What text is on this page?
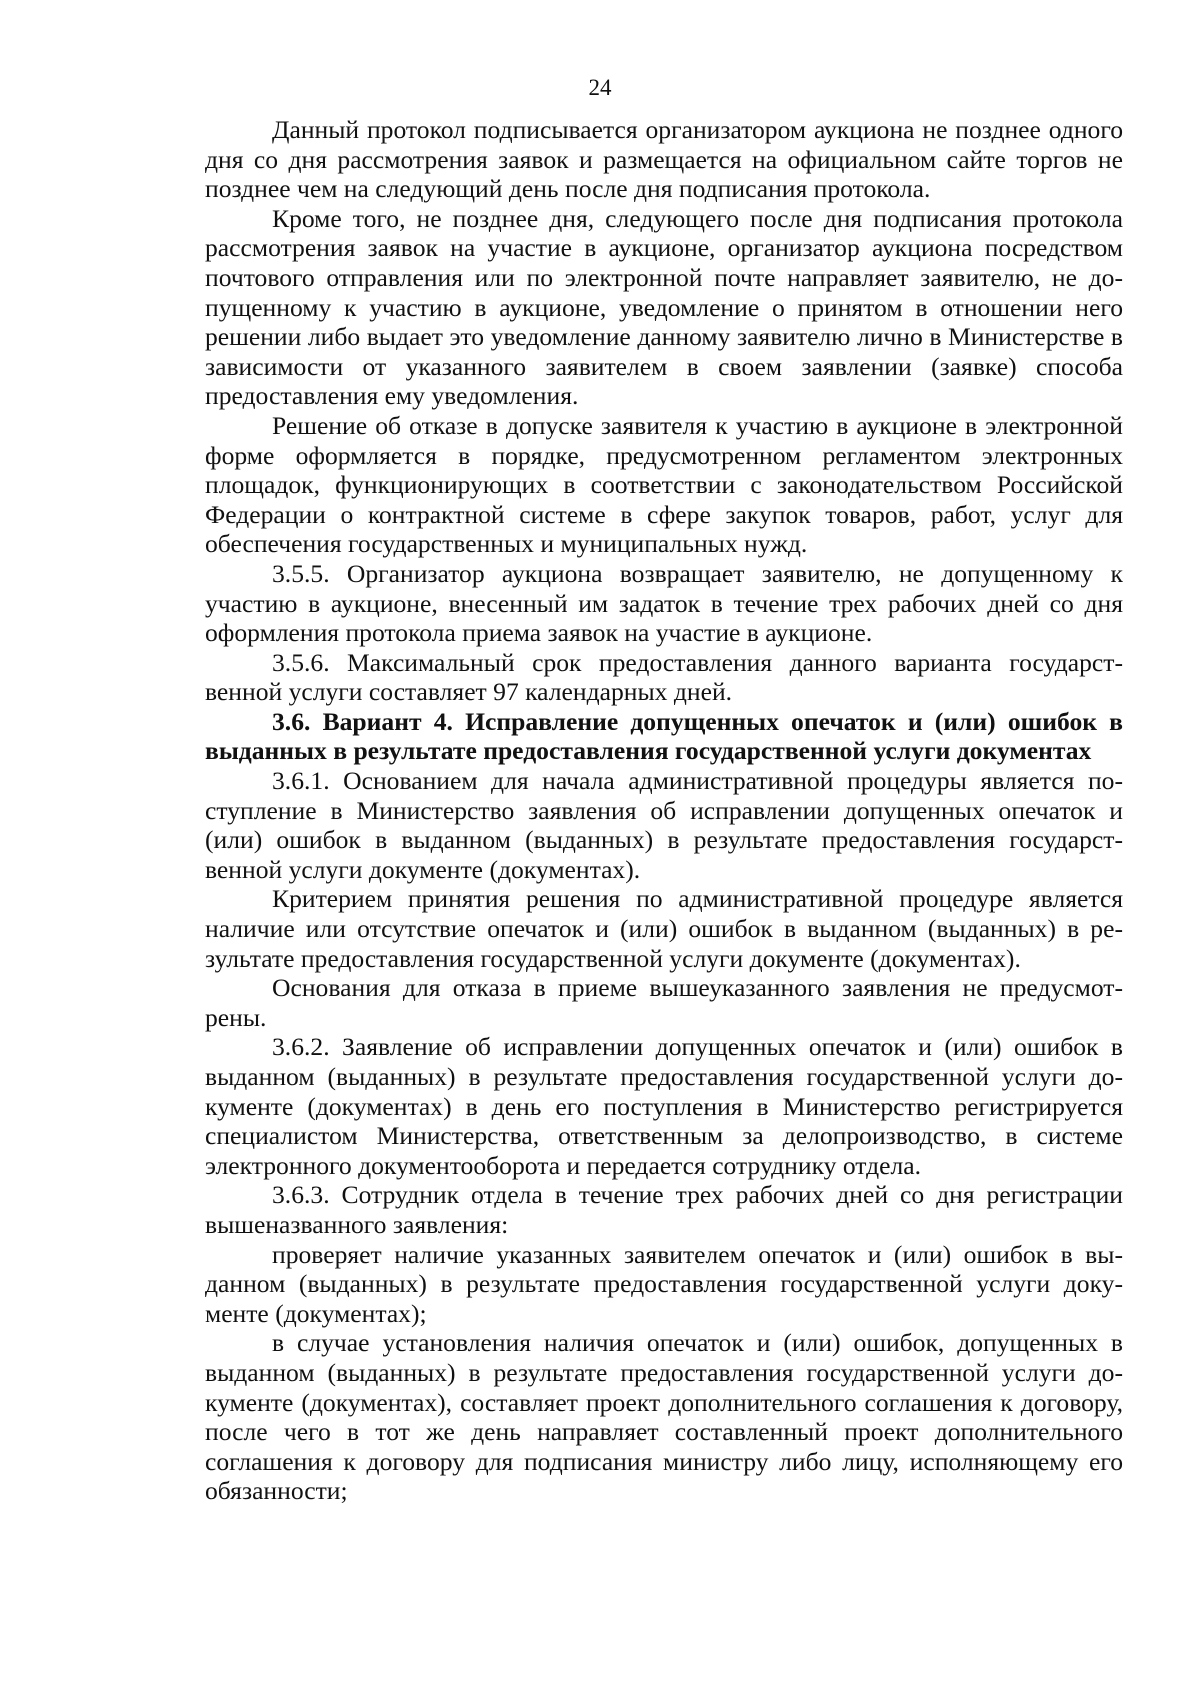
24

Данный протокол подписывается организатором аукциона не позднее одного дня со дня рассмотрения заявок и размещается на официальном сайте торгов не позднее чем на следующий день после дня подписания протокола.

Кроме того, не позднее дня, следующего после дня подписания протокола рассмотрения заявок на участие в аукционе, организатор аукциона посредством почтового отправления или по электронной почте направляет заявителю, не допущенному к участию в аукционе, уведомление о принятом в отношении него решении либо выдает это уведомление данному заявителю лично в Министерстве в зависимости от указанного заявителем в своем заявлении (заявке) способа предоставления ему уведомления.

Решение об отказе в допуске заявителя к участию в аукционе в электронной форме оформляется в порядке, предусмотренном регламентом электронных площадок, функционирующих в соответствии с законодательством Российской Федерации о контрактной системе в сфере закупок товаров, работ, услуг для обеспечения государственных и муниципальных нужд.

3.5.5. Организатор аукциона возвращает заявителю, не допущенному к участию в аукционе, внесенный им задаток в течение трех рабочих дней со дня оформления протокола приема заявок на участие в аукционе.

3.5.6. Максимальный срок предоставления данного варианта государственной услуги составляет 97 календарных дней.

3.6. Вариант 4. Исправление допущенных опечаток и (или) ошибок в выданных в результате предоставления государственной услуги документах

3.6.1. Основанием для начала административной процедуры является поступление в Министерство заявления об исправлении допущенных опечаток и (или) ошибок в выданном (выданных) в результате предоставления государственной услуги документе (документах).

Критерием принятия решения по административной процедуре является наличие или отсутствие опечаток и (или) ошибок в выданном (выданных) в результате предоставления государственной услуги документе (документах).

Основания для отказа в приеме вышеуказанного заявления не предусмотрены.

3.6.2. Заявление об исправлении допущенных опечаток и (или) ошибок в выданном (выданных) в результате предоставления государственной услуги документе (документах) в день его поступления в Министерство регистрируется специалистом Министерства, ответственным за делопроизводство, в системе электронного документооборота и передается сотруднику отдела.

3.6.3. Сотрудник отдела в течение трех рабочих дней со дня регистрации вышеназванного заявления:

проверяет наличие указанных заявителем опечаток и (или) ошибок в выданном (выданных) в результате предоставления государственной услуги документе (документах);

в случае установления наличия опечаток и (или) ошибок, допущенных в выданном (выданных) в результате предоставления государственной услуги документе (документах), составляет проект дополнительного соглашения к договору, после чего в тот же день направляет составленный проект дополнительного соглашения к договору для подписания министру либо лицу, исполняющему его обязанности;
